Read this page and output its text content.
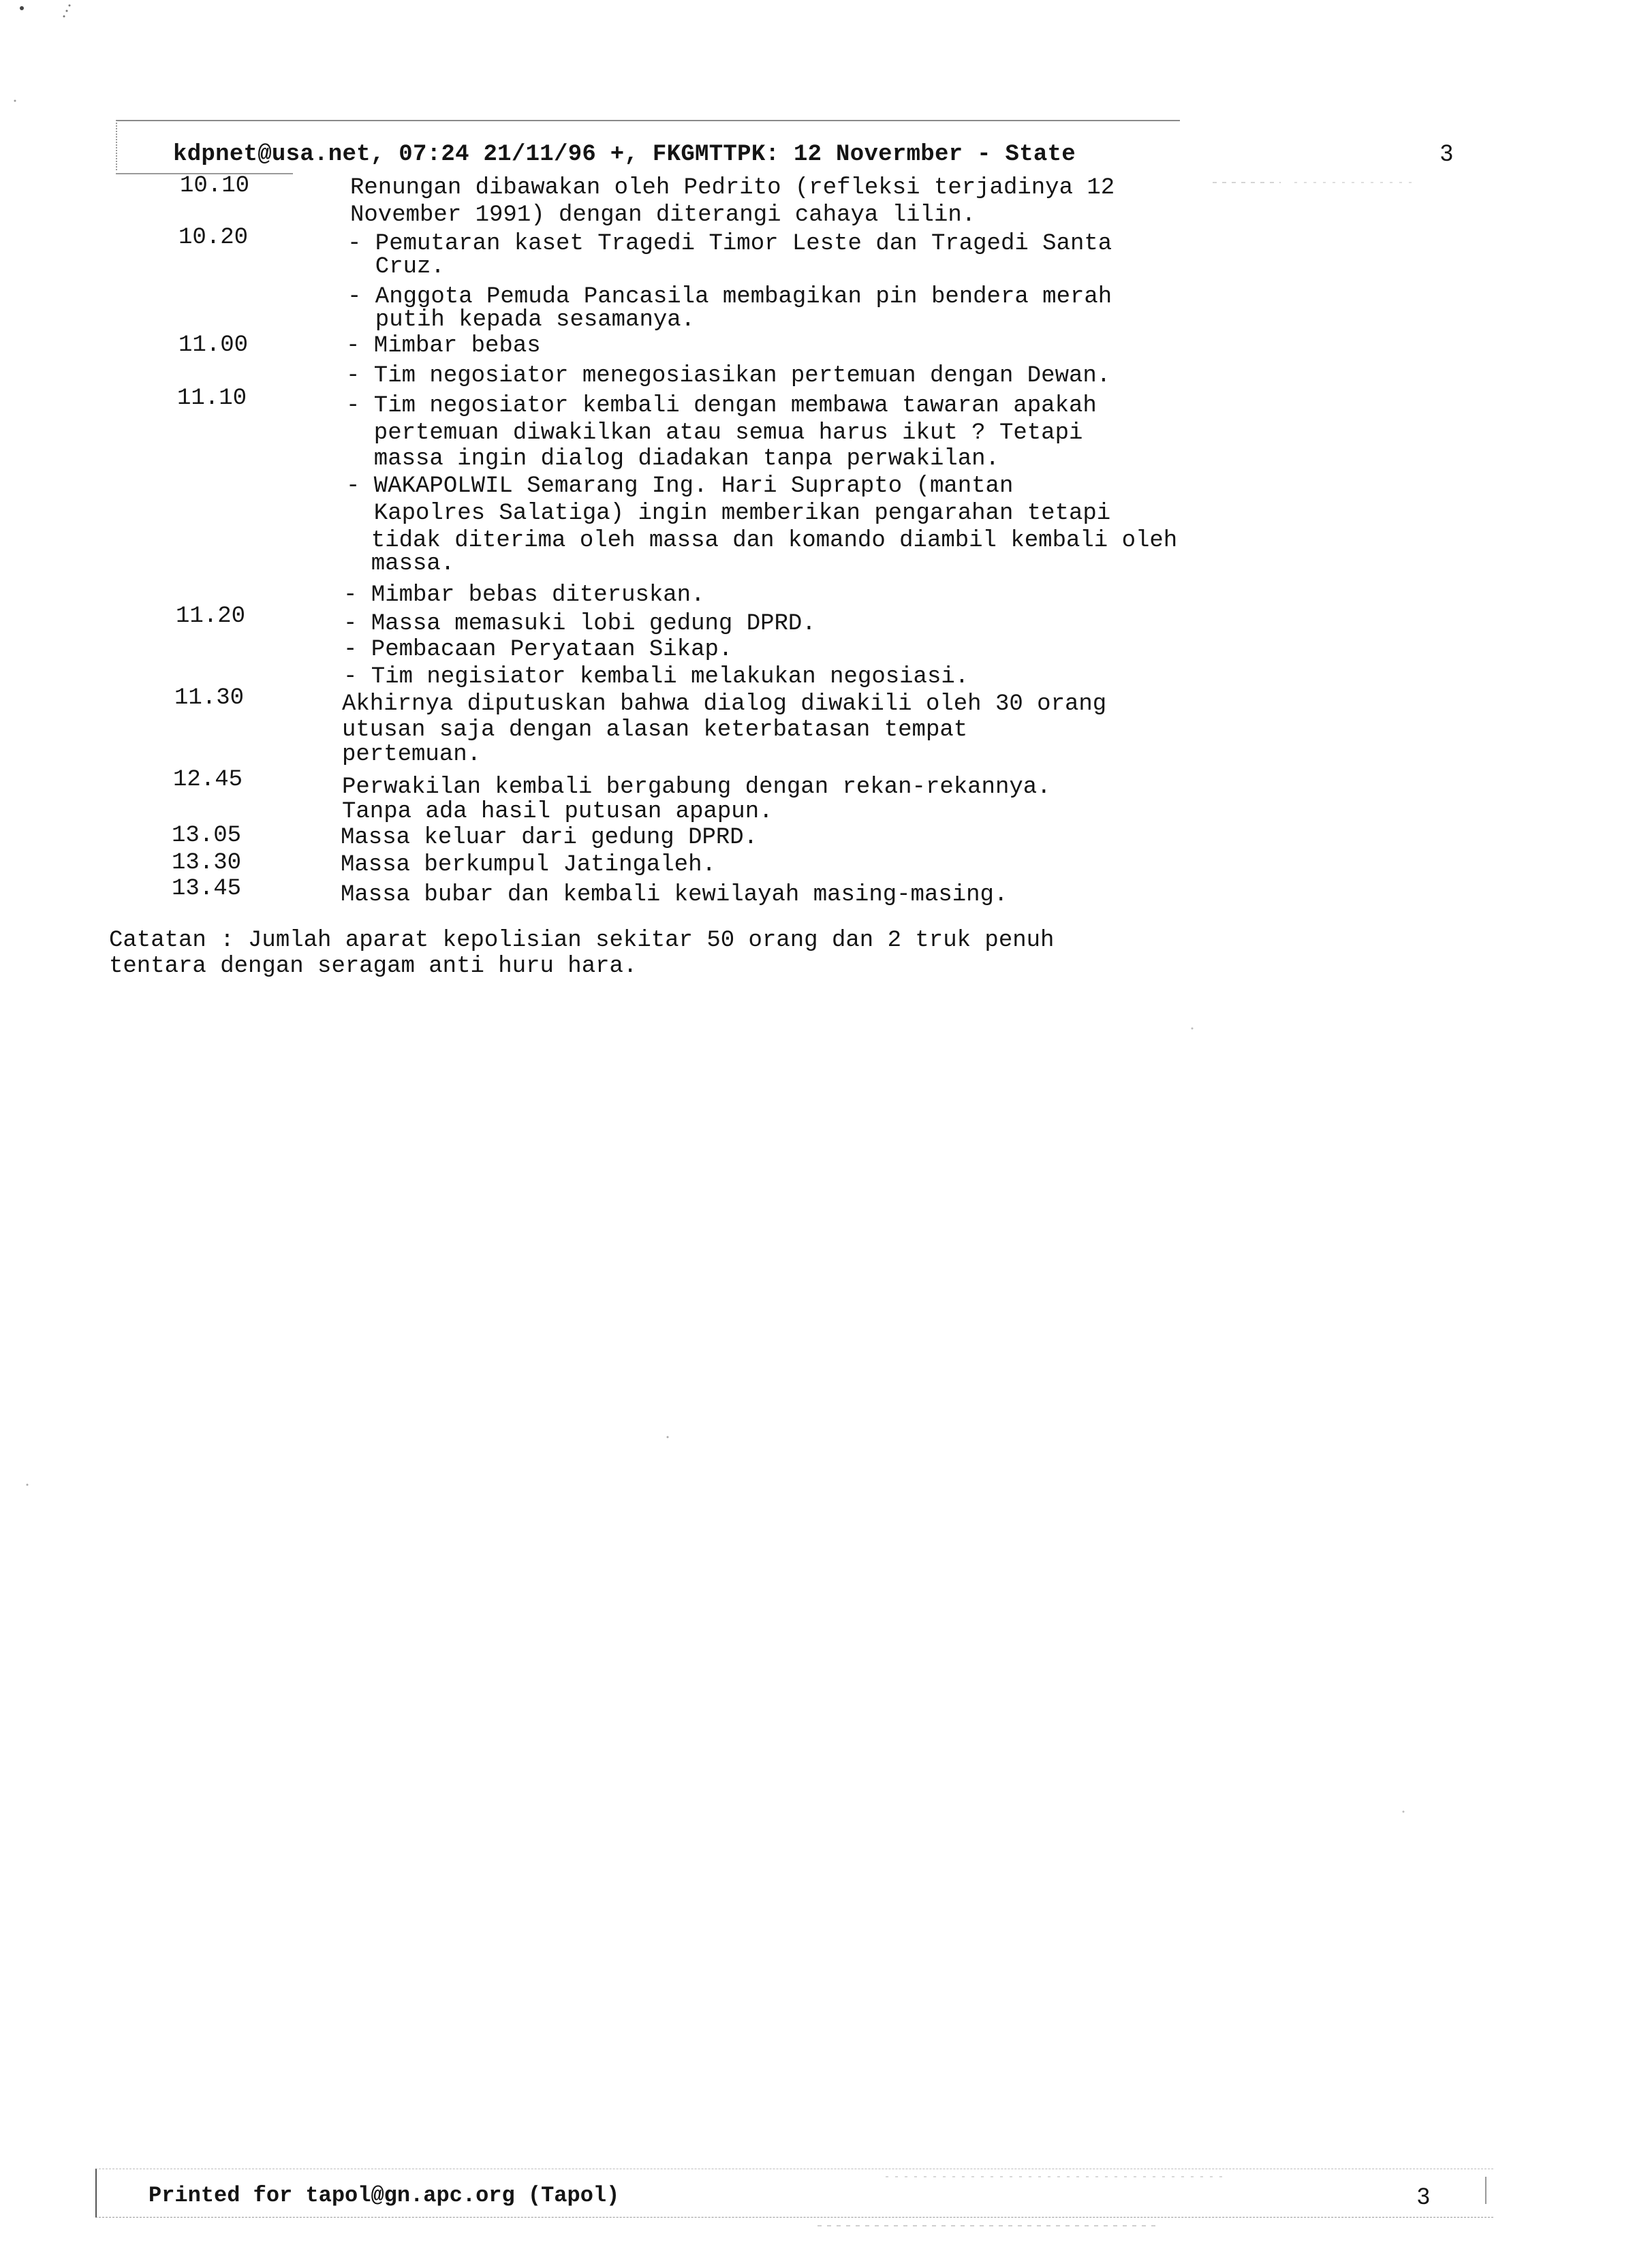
kdpnet@usa.net, 07:24 21/11/96 +, FKGMTTPK: 12 Novermber - State	3
10.10	Renungan dibawakan oleh Pedrito (refleksi terjadinya 12
November 1991) dengan diterangi cahaya lilin.
10.20	- Pemutaran kaset Tragedi Timor Leste dan Tragedi Santa
Cruz.
- Anggota Pemuda Pancasila membagikan pin bendera merah
putih kepada sesamanya.
11.00	- Mimbar bebas
- Tim negosiator menegosiasikan pertemuan dengan Dewan.
11.10	- Tim negosiator kembali dengan membawa tawaran apakah
pertemuan diwakilkan atau semua harus ikut ? Tetapi
massa ingin dialog diadakan tanpa perwakilan.
- WAKAPOLWIL Semarang Ing. Hari Suprapto (mantan
Kapolres Salatiga) ingin memberikan pengarahan tetapi
tidak diterima oleh massa dan komando diambil kembali oleh
massa.
- Mimbar bebas diteruskan.
11.20	- Massa memasuki lobi gedung DPRD.
- Pembacaan Peryataan Sikap.
- Tim negisiator kembali melakukan negosiasi.
11.30	Akhirnya diputuskan bahwa dialog diwakili oleh 30 orang
utusan saja dengan alasan keterbatasan tempat
pertemuan.
12.45	Perwakilan kembali bergabung dengan rekan-rekannya.
Tanpa ada hasil putusan apapun.
13.05	Massa keluar dari gedung DPRD.
13.30	Massa berkumpul Jatingaleh.
13.45	Massa bubar dan kembali kewilayah masing-masing.
Catatan : Jumlah aparat kepolisian sekitar 50 orang dan 2 truk penuh
tentara dengan seragam anti huru hara.
Printed for tapol@gn.apc.org (Tapol)	3
